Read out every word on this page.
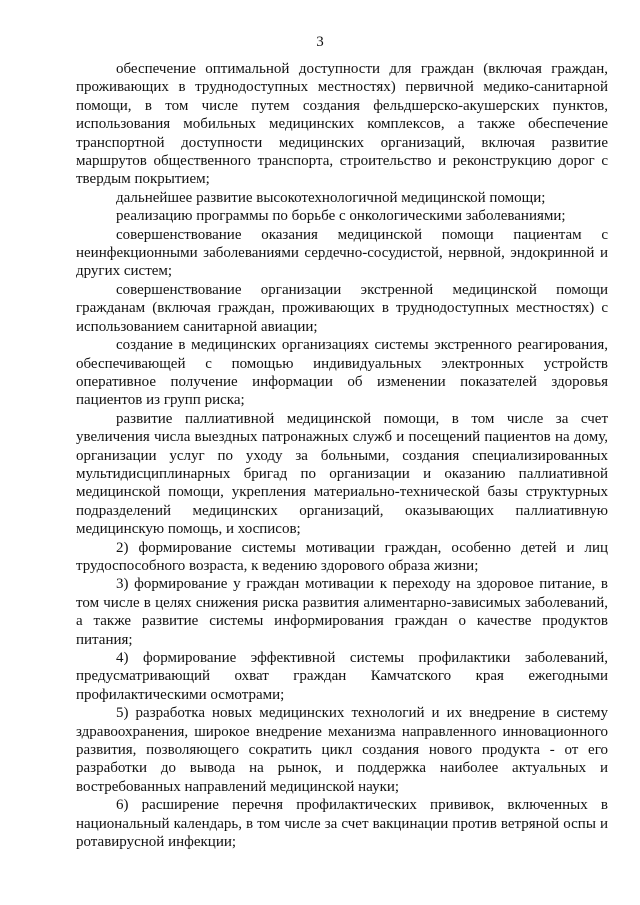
3

обеспечение оптимальной доступности для граждан (включая граждан, проживающих в труднодоступных местностях) первичной медико-санитарной помощи, в том числе путем создания фельдшерско-акушерских пунктов, использования мобильных медицинских комплексов, а также обеспечение транспортной доступности медицинских организаций, включая развитие маршрутов общественного транспорта, строительство и реконструкцию дорог с твердым покрытием;

дальнейшее развитие высокотехнологичной медицинской помощи;

реализацию программы по борьбе с онкологическими заболеваниями;

совершенствование оказания медицинской помощи пациентам с неинфекционными заболеваниями сердечно-сосудистой, нервной, эндокринной и других систем;

совершенствование организации экстренной медицинской помощи гражданам (включая граждан, проживающих в труднодоступных местностях) с использованием санитарной авиации;

создание в медицинских организациях системы экстренного реагирования, обеспечивающей с помощью индивидуальных электронных устройств оперативное получение информации об изменении показателей здоровья пациентов из групп риска;

развитие паллиативной медицинской помощи, в том числе за счет увеличения числа выездных патронажных служб и посещений пациентов на дому, организации услуг по уходу за больными, создания специализированных мультидисциплинарных бригад по организации и оказанию паллиативной медицинской помощи, укрепления материально-технической базы структурных подразделений медицинских организаций, оказывающих паллиативную медицинскую помощь, и хосписов;

2) формирование системы мотивации граждан, особенно детей и лиц трудоспособного возраста, к ведению здорового образа жизни;

3) формирование у граждан мотивации к переходу на здоровое питание, в том числе в целях снижения риска развития алиментарно-зависимых заболеваний, а также развитие системы информирования граждан о качестве продуктов питания;

4) формирование эффективной системы профилактики заболеваний, предусматривающий охват граждан Камчатского края ежегодными профилактическими осмотрами;

5) разработка новых медицинских технологий и их внедрение в систему здравоохранения, широкое внедрение механизма направленного инновационного развития, позволяющего сократить цикл создания нового продукта - от его разработки до вывода на рынок, и поддержка наиболее актуальных и востребованных направлений медицинской науки;

6) расширение перечня профилактических прививок, включенных в национальный календарь, в том числе за счет вакцинации против ветряной оспы и ротавирусной инфекции;
